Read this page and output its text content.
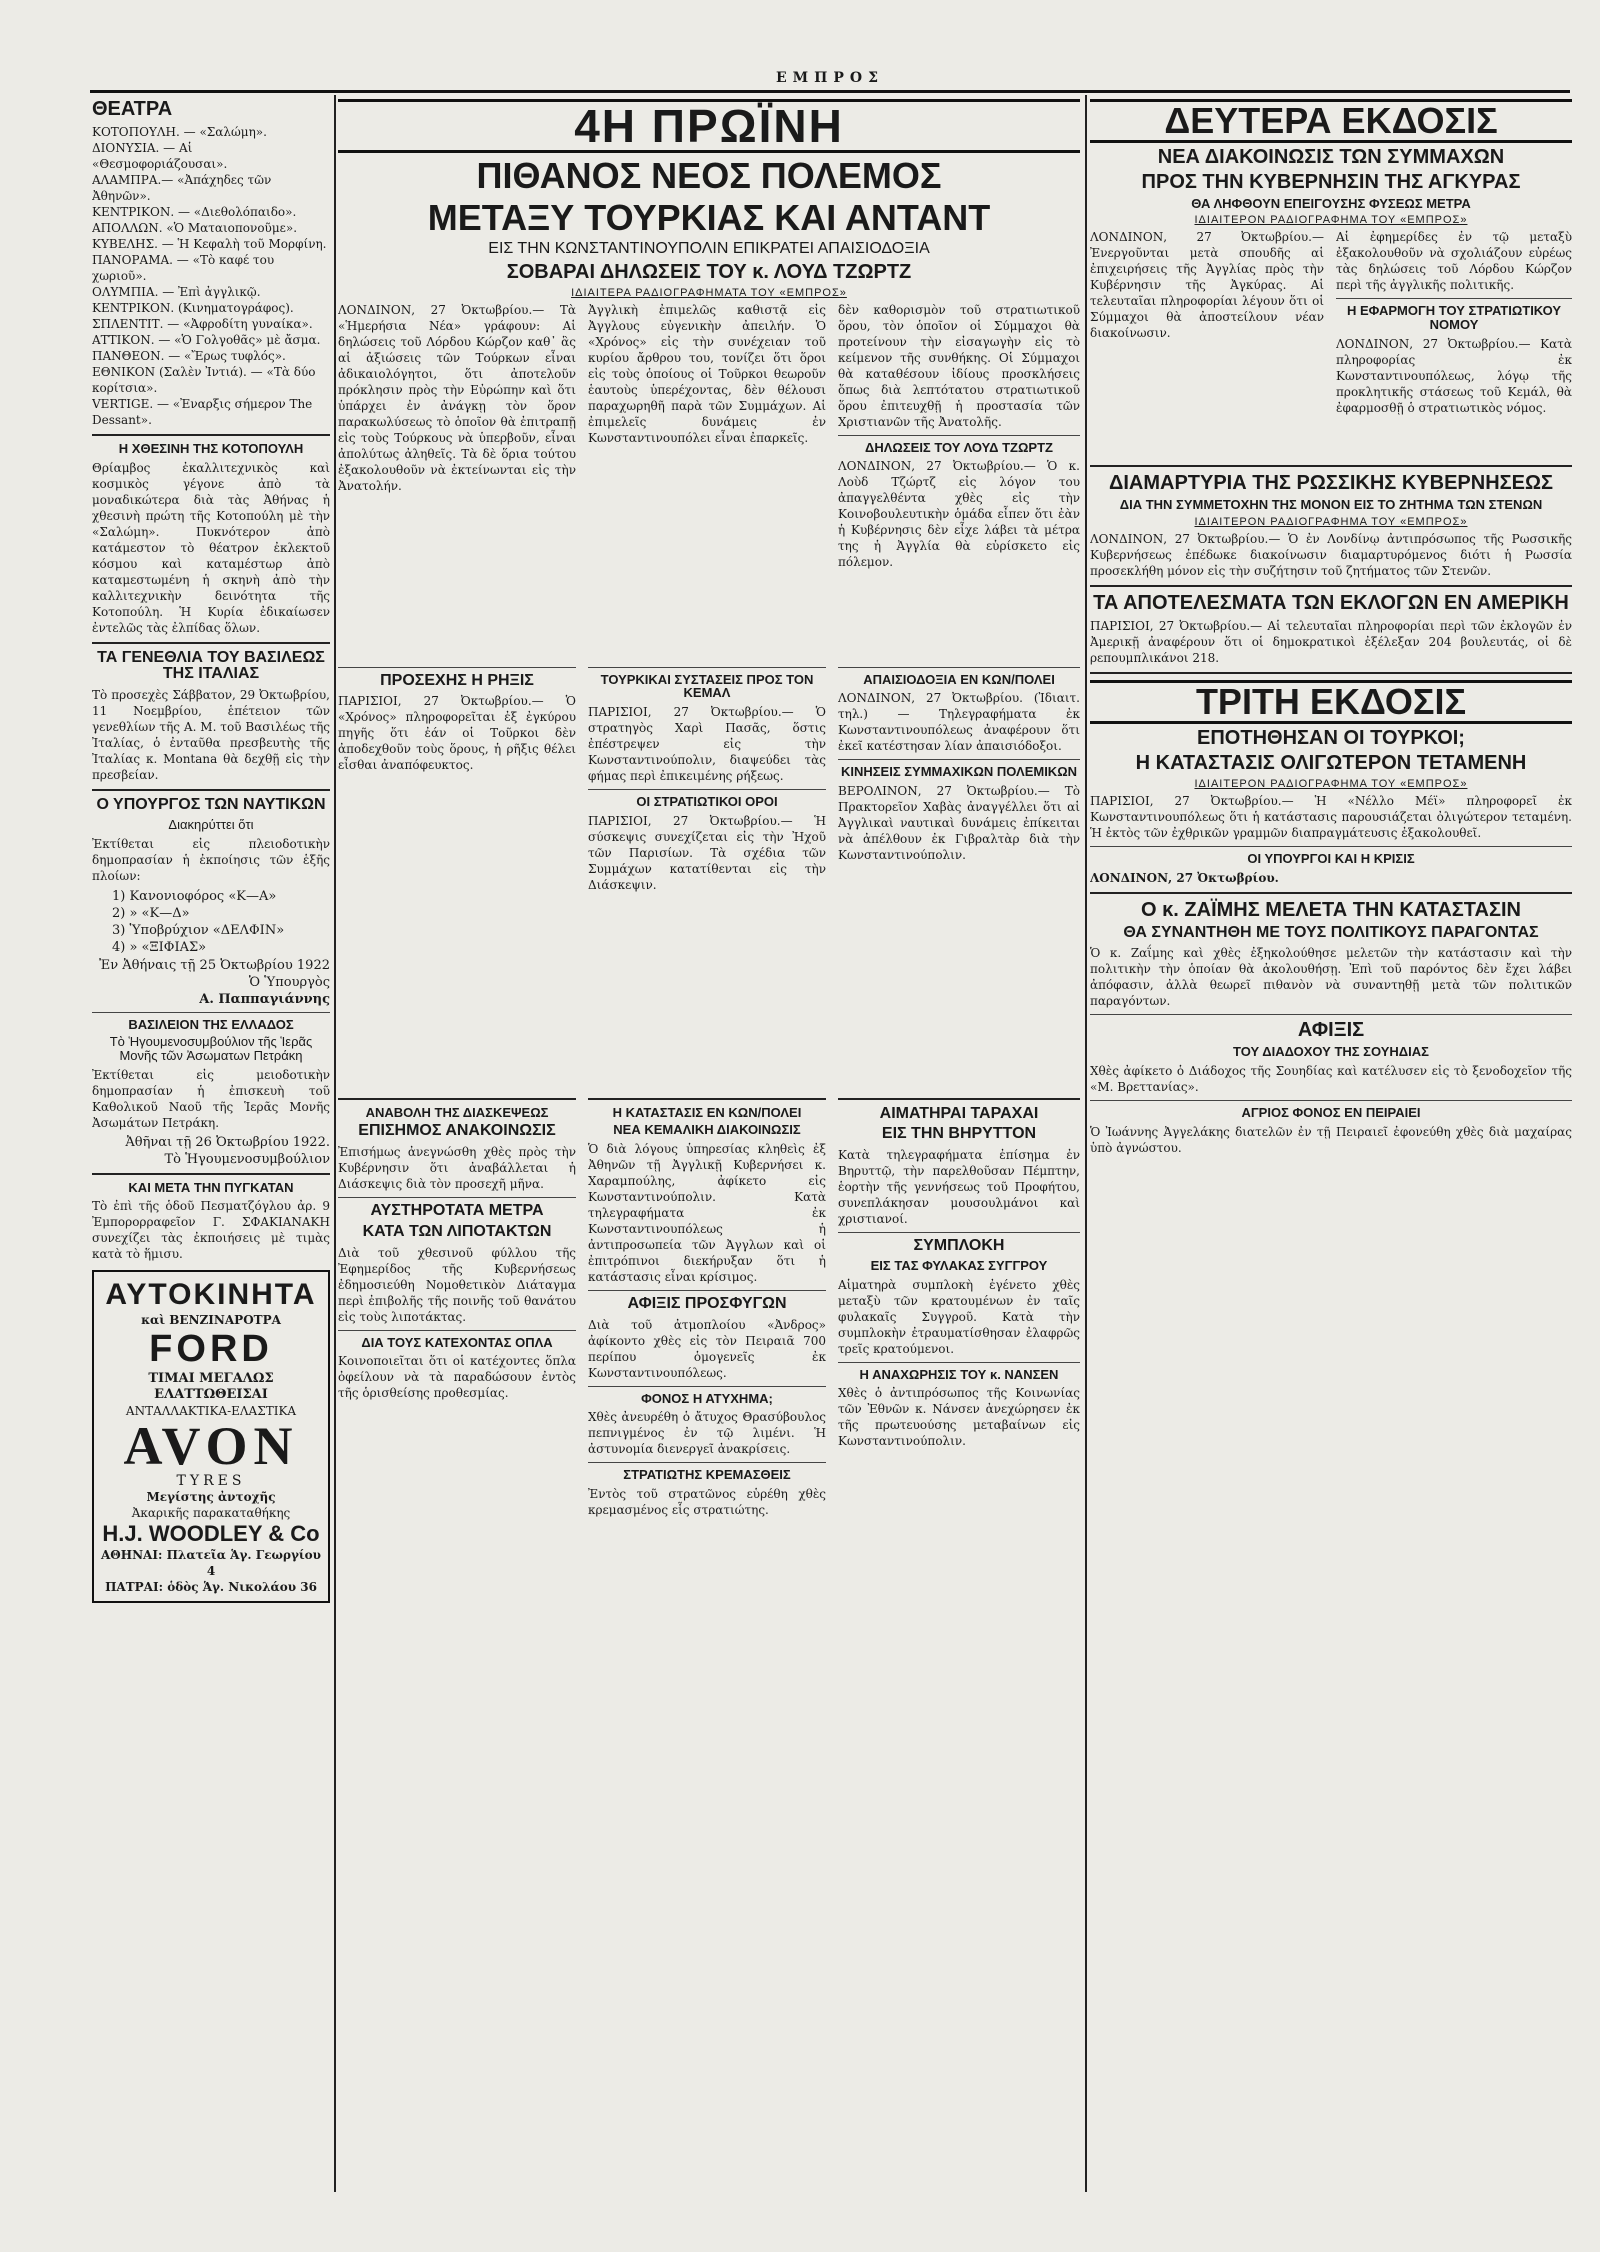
ΕΜΠΡΟΣ
ΘΕΑΤΡΑ

ΚΟΤΟΠΟΥΛΗ. — «Σαλώμη».

ΔΙΟΝΥΣΙΑ. — Αἱ «Θεσμοφοριάζουσαι».

ΑΛΑΜΠΡΑ.— «Ἀπάχηδες τῶν Ἀθηνῶν».

ΚΕΝΤΡΙΚΟΝ. — «Διεθολόπαιδο».

ΑΠΟΛΛΩΝ. «Ὁ Ματαιοπονοῦμε».

ΚΥΒΕΛΗΣ. — Ἡ Κεφαλὴ τοῦ Μορφίνη.

ΠΑΝΟΡΑΜΑ. — «Τὸ καφέ του χωριοῦ».

ΟΛΥΜΠΙΑ. — Ἐπὶ ἀγγλικῷ.

ΚΕΝΤΡΙΚΟΝ. (Κινηματογράφος).

ΣΠΛΕΝΤΙΤ. — «Ἀφροδίτη γυναίκα».

ΑΤΤΙΚΟΝ. — «Ὁ Γολγοθᾶς» μὲ ἄσμα.

ΠΑΝΘΕΟΝ. — «Ἔρως τυφλός».

ΕΘΝΙΚΟΝ (Σαλὲν Ἰντιά). — «Τὰ δύο κορίτσια».

VERTIGE. — «Ἐναρξις σήμερον The Dessant».

Η ΧΘΕΣΙΝΗ ΤΗΣ ΚΟΤΟΠΟΥΛΗ

Θρίαμβος ἐκαλλιτεχνικὸς καὶ κοσμικὸς γέγονε ἀπὸ τὰ μοναδικώτερα διὰ τὰς Ἀθήνας ἡ χθεσινὴ πρώτη τῆς Κοτοπούλη μὲ τὴν «Σαλώμη». Πυκνότερον ἀπὸ κατάμεστον τὸ θέατρον ἐκλεκτοῦ κόσμου καὶ καταμέστωρ ἀπὸ καταμεστωμένη ἡ σκηνὴ ἀπὸ τὴν καλλιτεχνικὴν δεινότητα τῆς Κοτοπούλη. Ἡ Κυρία ἐδικαίωσεν ἐντελῶς τὰς ἐλπίδας ὅλων.

ΤΑ ΓΕΝΕΘΛΙΑ ΤΟΥ ΒΑΣΙΛΕΩΣ ΤΗΣ ΙΤΑΛΙΑΣ

Τὸ προσεχὲς Σάββατον, 29 Ὀκτωβρίου, 11 Νοεμβρίου, ἑπέτειον τῶν γενεθλίων τῆς Α. Μ. τοῦ Βασιλέως τῆς Ἰταλίας, ὁ ἐνταῦθα πρεσβευτὴς τῆς Ἰταλίας κ. Montana θὰ δεχθῇ εἰς τὴν πρεσβείαν.

Ο ΥΠΟΥΡΓΟΣ ΤΩΝ ΝΑΥΤΙΚΩΝ
Διακηρύττει ὅτι

Ἐκτίθεται εἰς πλειοδοτικὴν δημοπρασίαν ἡ ἐκποίησις τῶν ἑξῆς πλοίων:

1) Κανονιοφόρος «Κ—Α»

2) » «Κ—Δ»

3) Ὑποβρύχιον «ΔΕΛΦΙΝ»

4) » «ΞΙΦΙΑΣ»

Ἐν Ἀθήναις τῇ 25 Ὀκτωβρίου 1922
Ὁ Ὑπουργὸς
Α. Παππαγιάννης
ΒΑΣΙΛΕΙΟΝ ΤΗΣ ΕΛΛΑΔΟΣ
Τὸ Ἡγουμενοσυμβούλιον τῆς Ἱερᾶς Μονῆς τῶν Ἀσωματων Πετράκη

Ἐκτίθεται εἰς μειοδοτικὴν δημοπρασίαν ἡ ἐπισκευὴ τοῦ Καθολικοῦ Ναοῦ τῆς Ἱερᾶς Μονῆς Ἀσωμάτων Πετράκη.

Ἀθῆναι τῇ 26 Ὀκτωβρίου 1922.
Τὸ Ἡγουμενοσυμβούλιον
ΚΑΙ ΜΕΤΑ ΤΗΝ ΠΥΓΚΑΤΑΝ

Τὸ ἐπὶ τῆς ὁδοῦ Πεσματζόγλου ἀρ. 9 Ἐμπορορραφεῖον Γ. ΣΦΑΚΙΑΝΑΚΗ συνεχίζει τὰς ἐκποιήσεις μὲ τιμὰς κατὰ τὸ ἥμισυ.

ΑΥΤΟΚΙΝΗΤΑ
καὶ ΒΕΝΖΙΝΑΡΟΤΡΑ
FORD
ΤΙΜΑΙ ΜΕΓΑΛΩΣ ΕΛΑΤΤΩΘΕΙΣΑΙ
ΑΝΤΑΛΛΑΚΤΙΚΑ-ΕΛΑΣΤΙΚΑ
AVON
TYRES
Μεγίστης ἀντοχῆς
Ἀκαρικῆς παρακαταθήκης
H.J. WOODLEY & Co
ΑΘΗΝΑΙ: Πλατεῖα Ἁγ. Γεωργίου 4
ΠΑΤΡΑΙ: ὁδὸς Ἁγ. Νικολάου 36
4Η ΠΡΩΪΝΗ
ΠΙΘΑΝΟΣ ΝΕΟΣ ΠΟΛΕΜΟΣ
ΜΕΤΑΞΥ ΤΟΥΡΚΙΑΣ ΚΑΙ ΑΝΤΑΝΤ
ΕΙΣ ΤΗΝ ΚΩΝΣΤΑΝΤΙΝΟΥΠΟΛΙΝ ΕΠΙΚΡΑΤΕΙ ΑΠΑΙΣΙΟΔΟΞΙΑ
ΣΟΒΑΡΑΙ ΔΗΛΩΣΕΙΣ ΤΟΥ κ. ΛΟΥΔ ΤΖΩΡΤΖ
ΙΔΙΑΙΤΕΡΑ ΡΑΔΙΟΓΡΑΦΗΜΑΤΑ ΤΟΥ «ΕΜΠΡΟΣ»

ΛΟΝΔΙΝΟΝ, 27 Ὀκτωβρίου.— Τὰ «Ἡμερήσια Νέα» γράφουν: Αἱ δηλώσεις τοῦ Λόρδου Κώρζον καθ᾽ ἃς αἱ ἀξιώσεις τῶν Τούρκων εἶναι ἀδικαιολόγητοι, ὅτι ἀποτελοῦν πρόκλησιν πρὸς τὴν Εὐρώπην καὶ ὅτι ὑπάρχει ἐν ἀνάγκῃ τὸν ὅρον παρακωλύσεως τὸ ὁποῖον θὰ ἐπιτραπῇ εἰς τοὺς Τούρκους νὰ ὑπερβοῦν, εἶναι ἀπολύτως ἀληθεῖς. Τὰ δὲ ὅρια τούτου ἐξακολουθοῦν νὰ ἐκτείνωνται εἰς τὴν Ἀνατολήν.

Ἀγγλικὴ ἐπιμελῶς καθιστᾷ εἰς Ἀγγλους εὐγενικὴν ἀπειλήν. Ὁ «Χρόνος» εἰς τὴν συνέχειαν τοῦ κυρίου ἄρθρου του, τονίζει ὅτι ὅροι εἰς τοὺς ὁποίους οἱ Τοῦρκοι θεωροῦν ἑαυτοὺς ὑπερέχοντας, δὲν θέλουσι παραχωρηθῆ παρὰ τῶν Συμμάχων. Αἱ ἐπιμελεῖς δυνάμεις ἐν Κωνσταντινουπόλει εἶναι ἐπαρκεῖς.

δὲν καθορισμὸν τοῦ στρατιωτικοῦ ὅρου, τὸν ὁποῖον οἱ Σύμμαχοι θὰ προτείνουν τὴν εἰσαγωγὴν εἰς τὸ κείμενον τῆς συνθήκης. Οἱ Σύμμαχοι θὰ καταθέσουν ἰδίους προσκλήσεις ὅπως διὰ λεπτότατου στρατιωτικοῦ ὅρου ἐπιτευχθῇ ἡ προστασία τῶν Χριστιανῶν τῆς Ἀνατολῆς.

ΔΗΛΩΣΕΙΣ ΤΟΥ ΛΟΥΔ ΤΖΩΡΤΖ

ΛΟΝΔΙΝΟΝ, 27 Ὀκτωβρίου.— Ὁ κ. Λοὺδ Τζώρτζ εἰς λόγον του ἀπαγγελθέντα χθὲς εἰς τὴν Κοινοβουλευτικὴν ὁμάδα εἶπεν ὅτι ἐὰν ἡ Κυβέρνησις δὲν εἶχε λάβει τὰ μέτρα της ἡ Ἀγγλία θὰ εὑρίσκετο εἰς πόλεμον.

ΠΡΟΣΕΧΗΣ Η ΡΗΞΙΣ

ΠΑΡΙΣΙΟΙ, 27 Ὀκτωβρίου.— Ὁ «Χρόνος» πληροφορεῖται ἐξ ἐγκύρου πηγῆς ὅτι ἐάν οἱ Τοῦρκοι δὲν ἀποδεχθοῦν τοὺς ὅρους, ἡ ρῆξις θέλει εἶσθαι ἀναπόφευκτος.

ΤΟΥΡΚΙΚΑΙ ΣΥΣΤΑΣΕΙΣ ΠΡΟΣ ΤΟΝ ΚΕΜΑΛ

ΠΑΡΙΣΙΟΙ, 27 Ὀκτωβρίου.— Ὁ στρατηγὸς Χαρὶ Πασᾶς, ὅστις ἐπέστρεψεν εἰς τὴν Κωνσταντινούπολιν, διαψεύδει τὰς φήμας περὶ ἐπικειμένης ρήξεως.

ΟΙ ΣΤΡΑΤΙΩΤΙΚΟΙ ΟΡΟΙ

ΠΑΡΙΣΙΟΙ, 27 Ὀκτωβρίου.— Ἡ σύσκεψις συνεχίζεται εἰς τὴν Ἠχοῦ τῶν Παρισίων. Τὰ σχέδια τῶν Συμμάχων κατατίθενται εἰς τὴν Διάσκεψιν.

ΑΠΑΙΣΙΟΔΟΞΙΑ ΕΝ ΚΩΝ/ΠΟΛΕΙ

ΛΟΝΔΙΝΟΝ, 27 Ὀκτωβρίου. (Ἰδιαιτ. τηλ.) — Τηλεγραφήματα ἐκ Κωνσταντινουπόλεως ἀναφέρουν ὅτι ἐκεῖ κατέστησαν λίαν ἀπαισιόδοξοι.

ΚΙΝΗΣΕΙΣ ΣΥΜΜΑΧΙΚΩΝ ΠΟΛΕΜΙΚΩΝ

ΒΕΡΟΛΙΝΟΝ, 27 Ὀκτωβρίου.— Τὸ Πρακτορεῖον Χαβὰς ἀναγγέλλει ὅτι αἱ Ἀγγλικαὶ ναυτικαὶ δυνάμεις ἐπίκειται νὰ ἀπέλθουν ἐκ Γιβραλτὰρ διὰ τὴν Κωνσταντινούπολιν.

ΑΝΑΒΟΛΗ ΤΗΣ ΔΙΑΣΚΕΨΕΩΣ
ΕΠΙΣΗΜΟΣ ΑΝΑΚΟΙΝΩΣΙΣ

Ἐπισήμως ἀνεγνώσθη χθὲς πρὸς τὴν Κυβέρνησιν ὅτι ἀναβάλλεται ἡ Διάσκεψις διὰ τὸν προσεχῆ μῆνα.

ΑΥΣΤΗΡΟΤΑΤΑ ΜΕΤΡΑ
ΚΑΤΑ ΤΩΝ ΛΙΠΟΤΑΚΤΩΝ

Διὰ τοῦ χθεσινοῦ φύλλου τῆς Ἐφημερίδος τῆς Κυβερνήσεως ἐδημοσιεύθη Νομοθετικὸν Διάταγμα περὶ ἐπιβολῆς τῆς ποινῆς τοῦ θανάτου εἰς τοὺς λιποτάκτας.

ΔΙΑ ΤΟΥΣ ΚΑΤΕΧΟΝΤΑΣ ΟΠΛΑ

Κοινοποιεῖται ὅτι οἱ κατέχοντες ὅπλα ὀφείλουν νὰ τὰ παραδώσουν ἐντὸς τῆς ὁρισθείσης προθεσμίας.

Η ΚΑΤΑΣΤΑΣΙΣ ΕΝ ΚΩΝ/ΠΟΛΕΙ
ΝΕΑ ΚΕΜΑΛΙΚΗ ΔΙΑΚΟΙΝΩΣΙΣ

Ὁ διὰ λόγους ὑπηρεσίας κληθεὶς ἐξ Ἀθηνῶν τῇ Ἀγγλικῇ Κυβερνήσει κ. Χαραμπούλης, ἀφίκετο εἰς Κωνσταντινούπολιν. Κατὰ τηλεγραφήματα ἐκ Κωνσταντινουπόλεως ἡ ἀντιπροσωπεία τῶν Ἀγγλων καὶ οἱ ἐπιτρόπινοι διεκήρυξαν ὅτι ἡ κατάστασις εἶναι κρίσιμος.

ΑΦΙΞΙΣ ΠΡΟΣΦΥΓΩΝ

Διὰ τοῦ ἀτμοπλοίου «Ἀνδρος» ἀφίκοντο χθὲς εἰς τὸν Πειραιᾶ 700 περίπου ὁμογενεῖς ἐκ Κωνσταντινουπόλεως.

ΦΟΝΟΣ Η ΑΤΥΧΗΜΑ;

Χθὲς ἀνευρέθη ὁ ἄτυχος Θρασύβουλος πεπνιγμένος ἐν τῷ λιμένι. Ἡ ἀστυνομία διενεργεῖ ἀνακρίσεις.

ΣΤΡΑΤΙΩΤΗΣ ΚΡΕΜΑΣΘΕΙΣ

Ἐντὸς τοῦ στρατῶνος εὑρέθη χθὲς κρεμασμένος εἷς στρατιώτης.

ΑΙΜΑΤΗΡΑΙ ΤΑΡΑΧΑΙ
ΕΙΣ ΤΗΝ ΒΗΡΥΤΤΟΝ

Κατὰ τηλεγραφήματα ἐπίσημα ἐν Βηρυττῷ, τὴν παρελθοῦσαν Πέμπτην, ἑορτὴν τῆς γεννήσεως τοῦ Προφήτου, συνεπλάκησαν μουσουλμάνοι καὶ χριστιανοί.

ΣΥΜΠΛΟΚΗ
ΕΙΣ ΤΑΣ ΦΥΛΑΚΑΣ ΣΥΓΓΡΟΥ

Αἱματηρὰ συμπλοκὴ ἐγένετο χθὲς μεταξὺ τῶν κρατουμένων ἐν ταῖς φυλακαῖς Συγγροῦ. Κατὰ τὴν συμπλοκὴν ἐτραυματίσθησαν ἐλαφρῶς τρεῖς κρατούμενοι.

Η ΑΝΑΧΩΡΗΣΙΣ ΤΟΥ κ. ΝΑΝΣΕΝ

Χθὲς ὁ ἀντιπρόσωπος τῆς Κοινωνίας τῶν Ἐθνῶν κ. Νάνσεν ἀνεχώρησεν ἐκ τῆς πρωτευούσης μεταβαίνων εἰς Κωνσταντινούπολιν.

ΔΕΥΤΕΡΑ ΕΚΔΟΣΙΣ
ΝΕΑ ΔΙΑΚΟΙΝΩΣΙΣ ΤΩΝ ΣΥΜΜΑΧΩΝ
ΠΡΟΣ ΤΗΝ ΚΥΒΕΡΝΗΣΙΝ ΤΗΣ ΑΓΚΥΡΑΣ
ΘΑ ΛΗΦΘΟΥΝ ΕΠΕΙΓΟΥΣΗΣ ΦΥΣΕΩΣ ΜΕΤΡΑ
ΙΔΙΑΙΤΕΡΟΝ ΡΑΔΙΟΓΡΑΦΗΜΑ ΤΟΥ «ΕΜΠΡΟΣ»

ΛΟΝΔΙΝΟΝ, 27 Ὀκτωβρίου.— Ἐνεργοῦνται μετὰ σπουδῆς αἱ ἐπιχειρήσεις τῆς Ἀγγλίας πρὸς τὴν Κυβέρνησιν τῆς Ἀγκύρας. Αἱ τελευταῖαι πληροφορίαι λέγουν ὅτι οἱ Σύμμαχοι θὰ ἀποστείλουν νέαν διακοίνωσιν.

Αἱ ἐφημερίδες ἐν τῷ μεταξὺ ἐξακολουθοῦν νὰ σχολιάζουν εὐρέως τὰς δηλώσεις τοῦ Λόρδου Κώρζον περὶ τῆς ἀγγλικῆς πολιτικῆς.

Η ΕΦΑΡΜΟΓΗ ΤΟΥ ΣΤΡΑΤΙΩΤΙΚΟΥ ΝΟΜΟΥ

ΛΟΝΔΙΝΟΝ, 27 Ὀκτωβρίου.— Κατὰ πληροφορίας ἐκ Κωνσταντινουπόλεως, λόγῳ τῆς προκλητικῆς στάσεως τοῦ Κεμάλ, θὰ ἐφαρμοσθῇ ὁ στρατιωτικὸς νόμος.

ΔΙΑΜΑΡΤΥΡΙΑ ΤΗΣ ΡΩΣΣΙΚΗΣ ΚΥΒΕΡΝΗΣΕΩΣ
ΔΙΑ ΤΗΝ ΣΥΜΜΕΤΟΧΗΝ ΤΗΣ ΜΟΝΟΝ ΕΙΣ ΤΟ ΖΗΤΗΜΑ ΤΩΝ ΣΤΕΝΩΝ
ΙΔΙΑΙΤΕΡΟΝ ΡΑΔΙΟΓΡΑΦΗΜΑ ΤΟΥ «ΕΜΠΡΟΣ»

ΛΟΝΔΙΝΟΝ, 27 Ὀκτωβρίου.— Ὁ ἐν Λονδίνῳ ἀντιπρόσωπος τῆς Ρωσσικῆς Κυβερνήσεως ἐπέδωκε διακοίνωσιν διαμαρτυρόμενος διότι ἡ Ρωσσία προσεκλήθη μόνον εἰς τὴν συζήτησιν τοῦ ζητήματος τῶν Στενῶν.

ΤΑ ΑΠΟΤΕΛΕΣΜΑΤΑ ΤΩΝ ΕΚΛΟΓΩΝ ΕΝ ΑΜΕΡΙΚΗ

ΠΑΡΙΣΙΟΙ, 27 Ὀκτωβρίου.— Αἱ τελευταῖαι πληροφορίαι περὶ τῶν ἐκλογῶν ἐν Ἀμερικῇ ἀναφέρουν ὅτι οἱ δημοκρατικοὶ ἐξέλεξαν 204 βουλευτάς, οἱ δὲ ρεπουμπλικάνοι 218.

ΤΡΙΤΗ ΕΚΔΟΣΙΣ
ΕΠΟΤΗΘΗΣΑΝ ΟΙ ΤΟΥΡΚΟΙ;
Η ΚΑΤΑΣΤΑΣΙΣ ΟΛΙΓΩΤΕΡΟΝ ΤΕΤΑΜΕΝΗ
ΙΔΙΑΙΤΕΡΟΝ ΡΑΔΙΟΓΡΑΦΗΜΑ ΤΟΥ «ΕΜΠΡΟΣ»

ΠΑΡΙΣΙΟΙ, 27 Ὀκτωβρίου.— Ἡ «Νέλλο Μέϊ» πληροφορεῖ ἐκ Κωνσταντινουπόλεως ὅτι ἡ κατάστασις παρουσιάζεται ὀλιγώτερον τεταμένη. Ἡ ἐκτὸς τῶν ἐχθρικῶν γραμμῶν διαπραγμάτευσις ἐξακολουθεῖ.

ΟΙ ΥΠΟΥΡΓΟΙ ΚΑΙ Η ΚΡΙΣΙΣ

ΛΟΝΔΙΝΟΝ, 27 Ὀκτωβρίου.

Ο κ. ΖΑΪΜΗΣ ΜΕΛΕΤΑ ΤΗΝ ΚΑΤΑΣΤΑΣΙΝ
ΘΑ ΣΥΝΑΝΤΗΘΗ ΜΕ ΤΟΥΣ ΠΟΛΙΤΙΚΟΥΣ ΠΑΡΑΓΟΝΤΑΣ

Ὁ κ. Ζαΐμης καὶ χθὲς ἐξηκολούθησε μελετῶν τὴν κατάστασιν καὶ τὴν πολιτικὴν τὴν ὁποίαν θὰ ἀκολουθήσῃ. Ἐπὶ τοῦ παρόντος δὲν ἔχει λάβει ἀπόφασιν, ἀλλὰ θεωρεῖ πιθανὸν νὰ συναντηθῇ μετὰ τῶν πολιτικῶν παραγόντων.

ΑΦΙΞΙΣ
ΤΟΥ ΔΙΑΔΟΧΟΥ ΤΗΣ ΣΟΥΗΔΙΑΣ

Χθὲς ἀφίκετο ὁ Διάδοχος τῆς Σουηδίας καὶ κατέλυσεν εἰς τὸ ξενοδοχεῖον τῆς «Μ. Βρεττανίας».

ΑΓΡΙΟΣ ΦΟΝΟΣ ΕΝ ΠΕΙΡΑΙΕΙ

Ὁ Ἰωάννης Ἀγγελάκης διατελῶν ἐν τῇ Πειραιεῖ ἐφονεύθη χθὲς διὰ μαχαίρας ὑπὸ ἀγνώστου.
